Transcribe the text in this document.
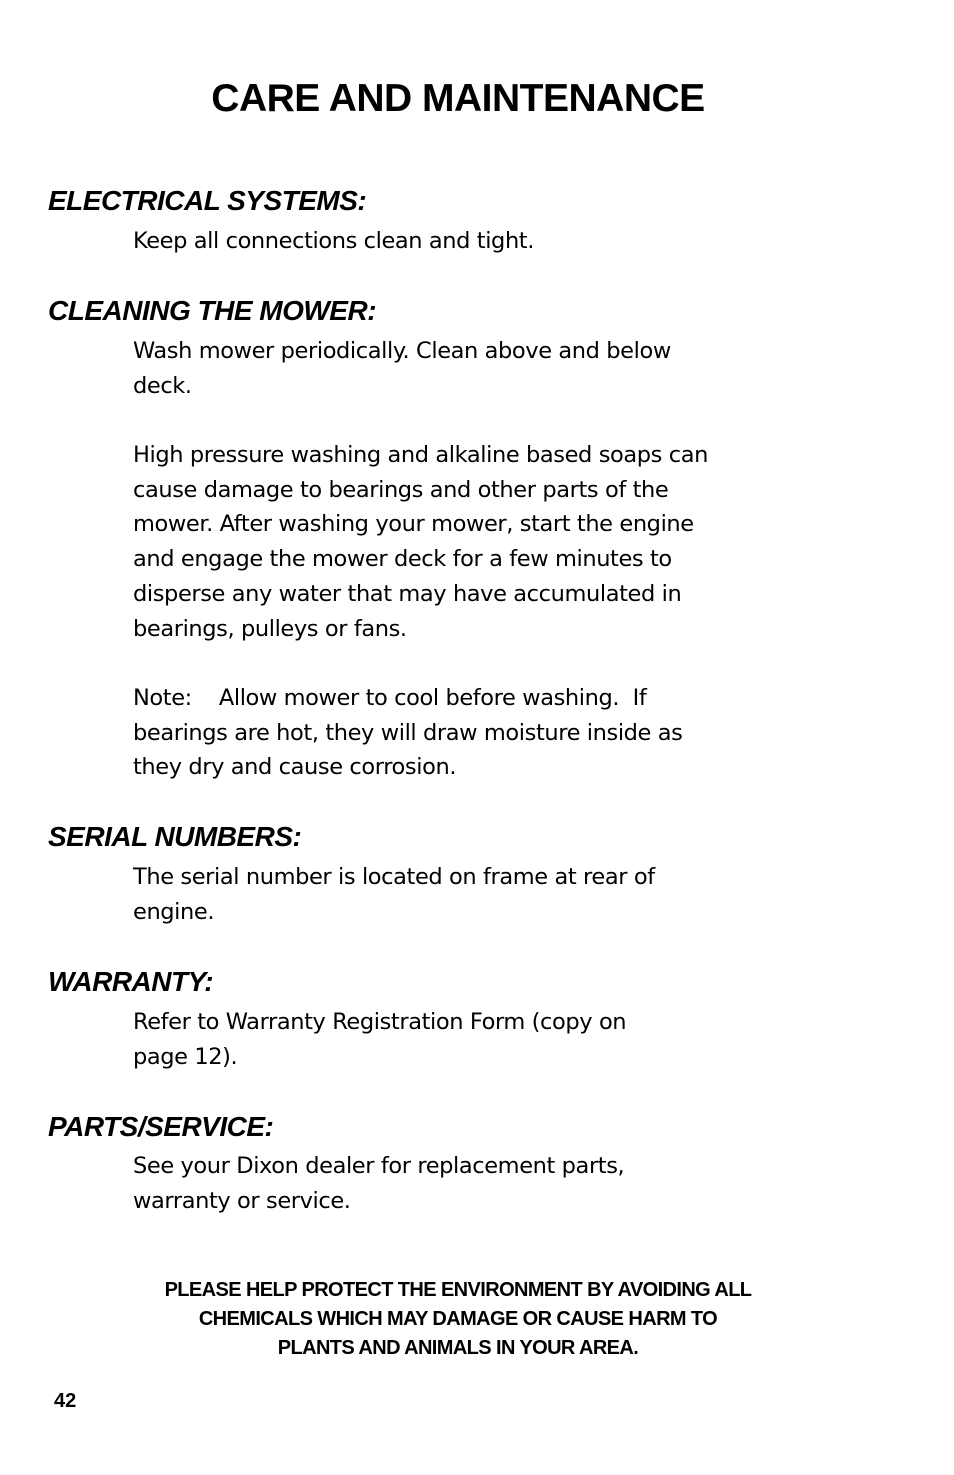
CARE AND MAINTENANCE
ELECTRICAL SYSTEMS:

Keep all connections clean and tight.

CLEANING THE MOWER:

Wash mower periodically. Clean above and below
deck.

High pressure washing and alkaline based soaps can
cause damage to bearings and other parts of the
mower. After washing your mower, start the engine
and engage the mower deck for a few minutes to
disperse any water that may have accumulated in
bearings, pulleys or fans.

Note:    Allow mower to cool before washing.  If
bearings are hot, they will draw moisture inside as
they dry and cause corrosion.

SERIAL NUMBERS:

The serial number is located on frame at rear of
engine.

WARRANTY:

Refer to Warranty Registration Form (copy on
page 12).

PARTS/SERVICE:

See your Dixon dealer for replacement parts,
warranty or service.

PLEASE HELP PROTECT THE ENVIRONMENT BY AVOIDING ALL
CHEMICALS WHICH MAY DAMAGE OR CAUSE HARM TO
PLANTS AND ANIMALS IN YOUR AREA.

42
